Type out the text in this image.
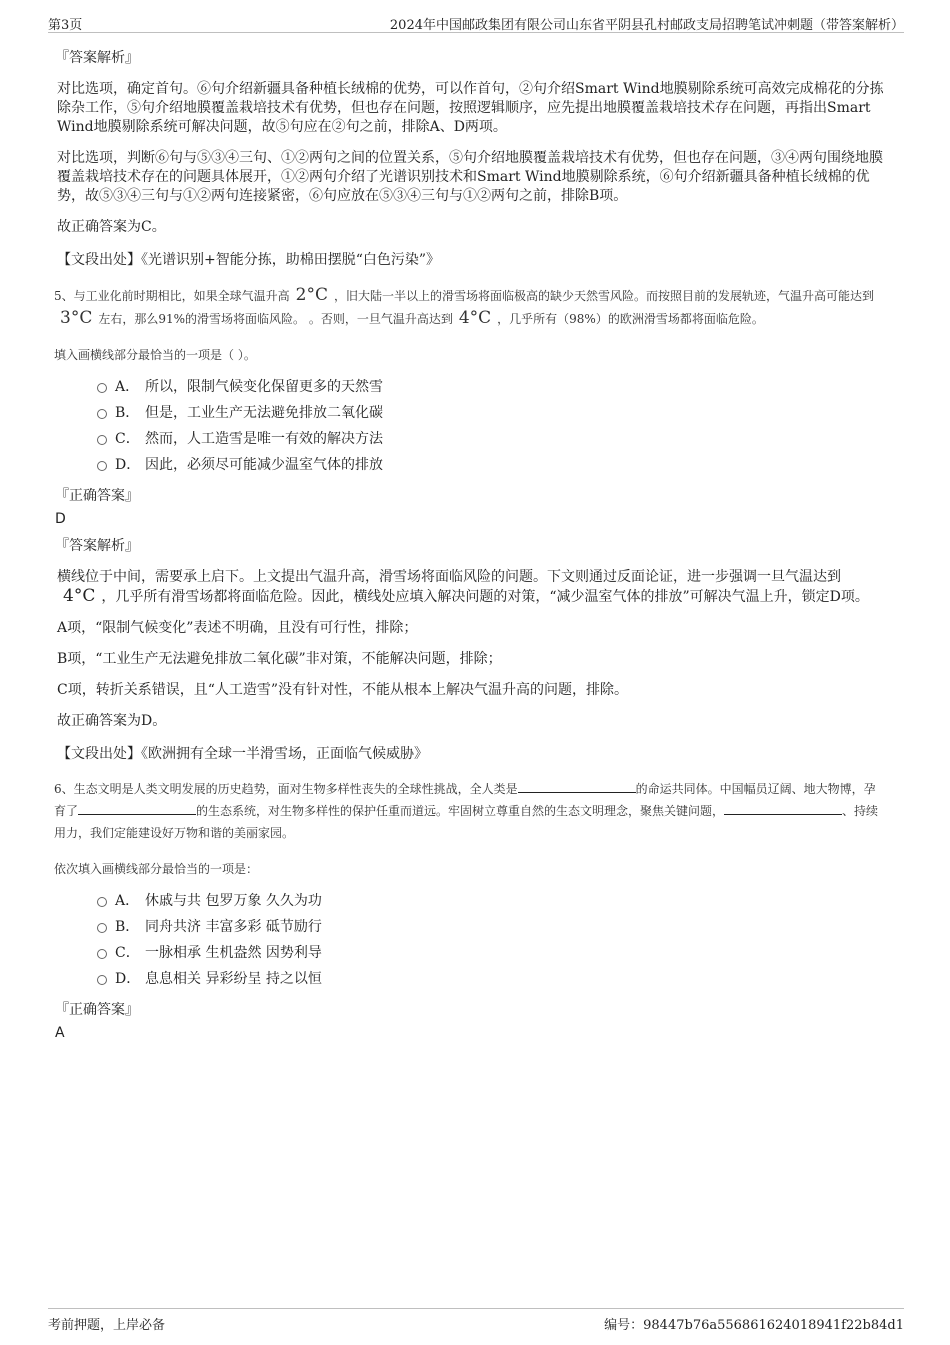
第3页	2024年中国邮政集团有限公司山东省平阴县孔村邮政支局招聘笔试冲刺题（带答案解析）
『答案解析』

对比选项，确定首句。⑥句介绍新疆具备种植长绒棉的优势，可以作首句，②句介绍Smart Wind地膜剔除系统可高效完成棉花的分拣除杂工作，⑤句介绍地膜覆盖栽培技术有优势，但也存在问题，按照逻辑顺序，应先提出地膜覆盖栽培技术存在问题，再指出Smart Wind地膜剔除系统可解决问题，故⑤句应在②句之前，排除A、D两项。

对比选项，判断⑥句与⑤③④三句、①②两句之间的位置关系，⑤句介绍地膜覆盖栽培技术有优势，但也存在问题，③④两句围绕地膜覆盖栽培技术存在的问题具体展开，①②两句介绍了光谱识别技术和Smart Wind地膜剔除系统，⑥句介绍新疆具备种植长绒棉的优势，故⑤③④三句与①②两句连接紧密，⑥句应放在⑤③④三句与①②两句之前，排除B项。

故正确答案为C。

【文段出处】《光谱识别+智能分拣，助棉田摆脱“白色污染”》

5、与工业化前时期相比，如果全球气温升高 2°C ，旧大陆一半以上的滑雪场将面临极高的缺少天然雪风险。而按照目前的发展轨迹，气温升高可能达到3°C 左右，那么91%的滑雪场将面临风险。 。否则，一旦气温升高达到 4°C ，几乎所有（98%）的欧洲滑雪场都将面临危险。
填入画横线部分最恰当的一项是（ ）。
A． 所以，限制气候变化保留更多的天然雪
B． 但是，工业生产无法避免排放二氧化碳
C． 然而，人工造雪是唯一有效的解决方法
D． 因此，必须尽可能减少温室气体的排放
『正确答案』
D
『答案解析』

横线位于中间，需要承上启下。上文提出气温升高，滑雪场将面临风险的问题。下文则通过反面论证，进一步强调一旦气温达到4°C ，几乎所有滑雪场都将面临危险。因此，横线处应填入解决问题的对策，“减少温室气体的排放”可解决气温上升，锁定D项。

A项，“限制气候变化”表述不明确，且没有可行性，排除；

B项，“工业生产无法避免排放二氧化碳”非对策，不能解决问题，排除；

C项，转折关系错误，且“人工造雪”没有针对性，不能从根本上解决气温升高的问题，排除。

故正确答案为D。

【文段出处】《欧洲拥有全球一半滑雪场，正面临气候威胁》

6、生态文明是人类文明发展的历史趋势，面对生物多样性丧失的全球性挑战，全人类是	的命运共同体。中国幅员辽阔、地大物博，孕育了	的生态系统，对生物多样性的保护任重而道远。牢固树立尊重自然的生态文明理念，聚焦关键问题，	、持续用力，我们定能建设好万物和谐的美丽家园。
依次填入画横线部分最恰当的一项是：
A． 休戚与共 包罗万象 久久为功
B． 同舟共济 丰富多彩 砥节励行
C． 一脉相承 生机盎然 因势利导
D． 息息相关 异彩纷呈 持之以恒
『正确答案』
A
考前押题，上岸必备	编号：98447b76a556861624018941f22b84d1
